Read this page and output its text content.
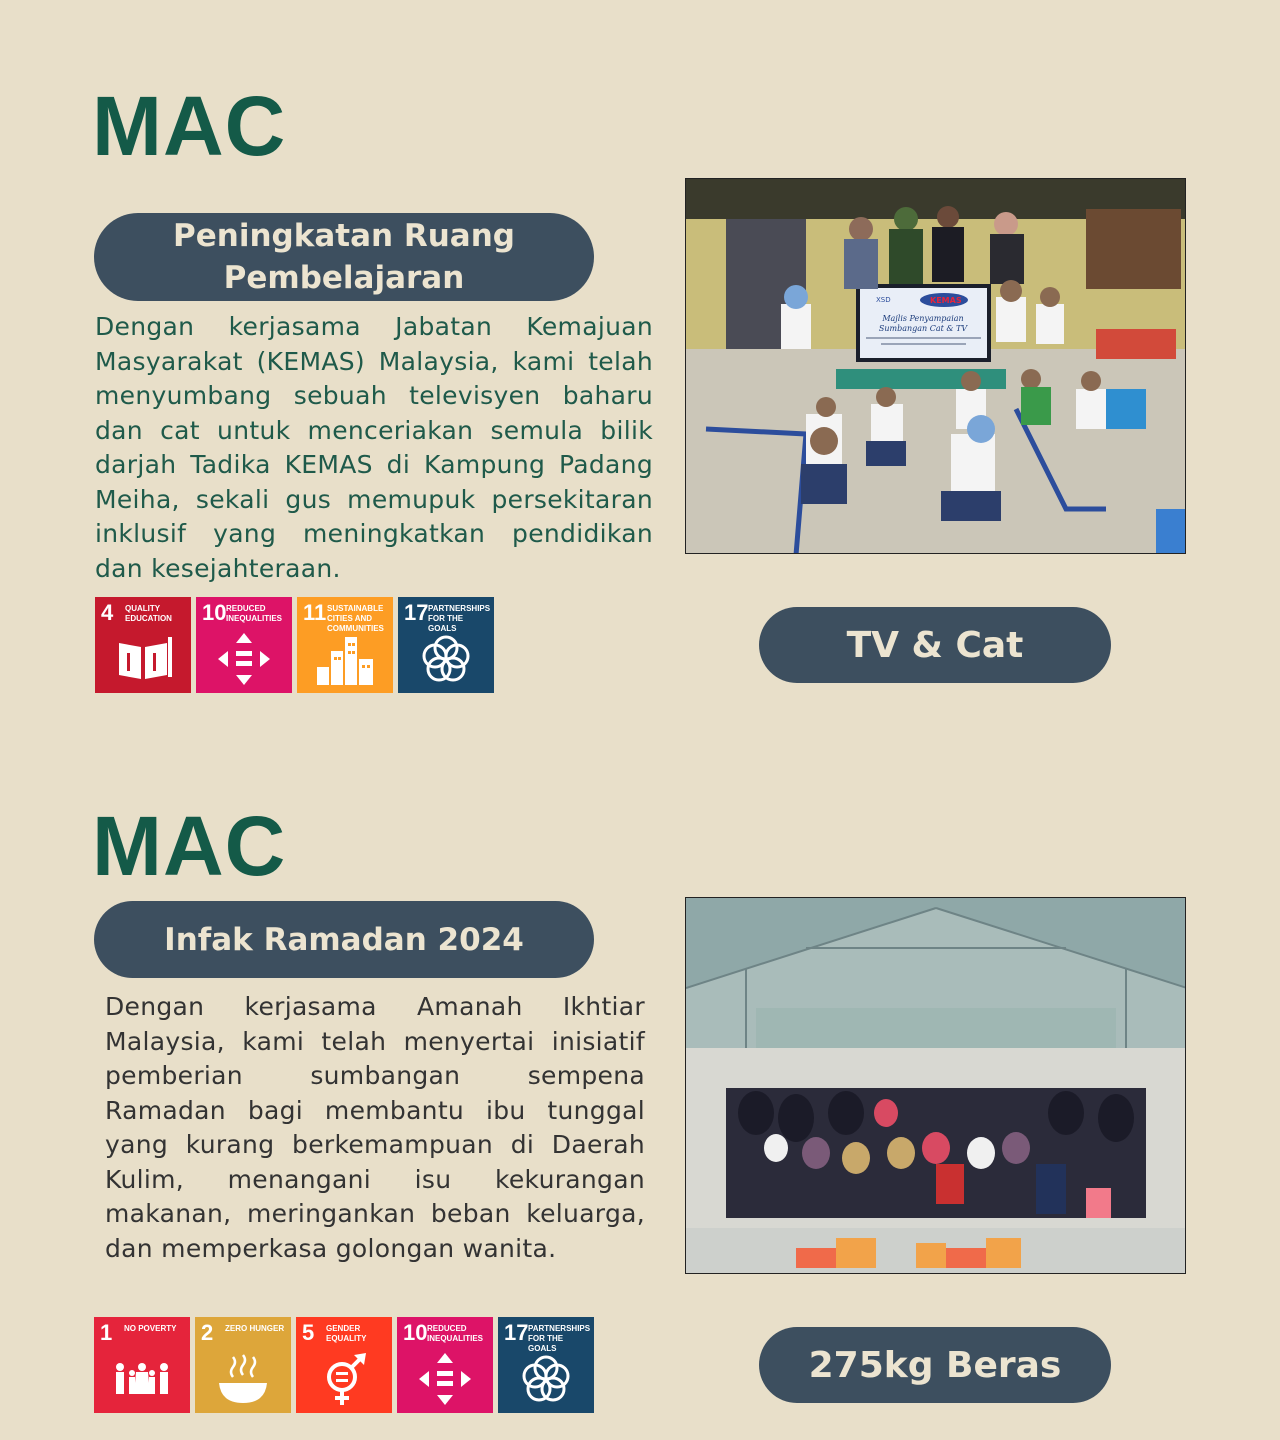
MAC
Peningkatan Ruang Pembelajaran
Dengan kerjasama Jabatan Kemajuan Masyarakat (KEMAS) Malaysia, kami telah menyumbang sebuah televisyen baharu dan cat untuk menceriakan semula bilik darjah Tadika KEMAS di Kampung Padang Meiha, sekali gus memupuk persekitaran inklusif yang meningkatkan pendidikan dan kesejahteraan.
4 QUALITY EDUCATION	10 REDUCED INEQUALITIES 11 SUSTAINABLE CITIES AND COMMUNITIES
17 PARTNERSHIPS FOR THE GOALS
XSD	KEMAS
Majlis Penyampaian
Sumbangan Cat & TV
TV & Cat
MAC
Infak Ramadan 2024
Dengan kerjasama Amanah Ikhtiar Malaysia, kami telah menyertai inisiatif pemberian sumbangan sempena Ramadan bagi membantu ibu tunggal yang kurang berkemampuan di Daerah Kulim, menangani isu kekurangan makanan, meringankan beban keluarga, dan memperkasa golongan wanita.
1 NO POVERTY	2 ZERO HUNGER 5 GENDER EQUALITY	10 REDUCED INEQUALITIES 17 PARTNERSHIPS FOR THE GOALS	275kg Beras
